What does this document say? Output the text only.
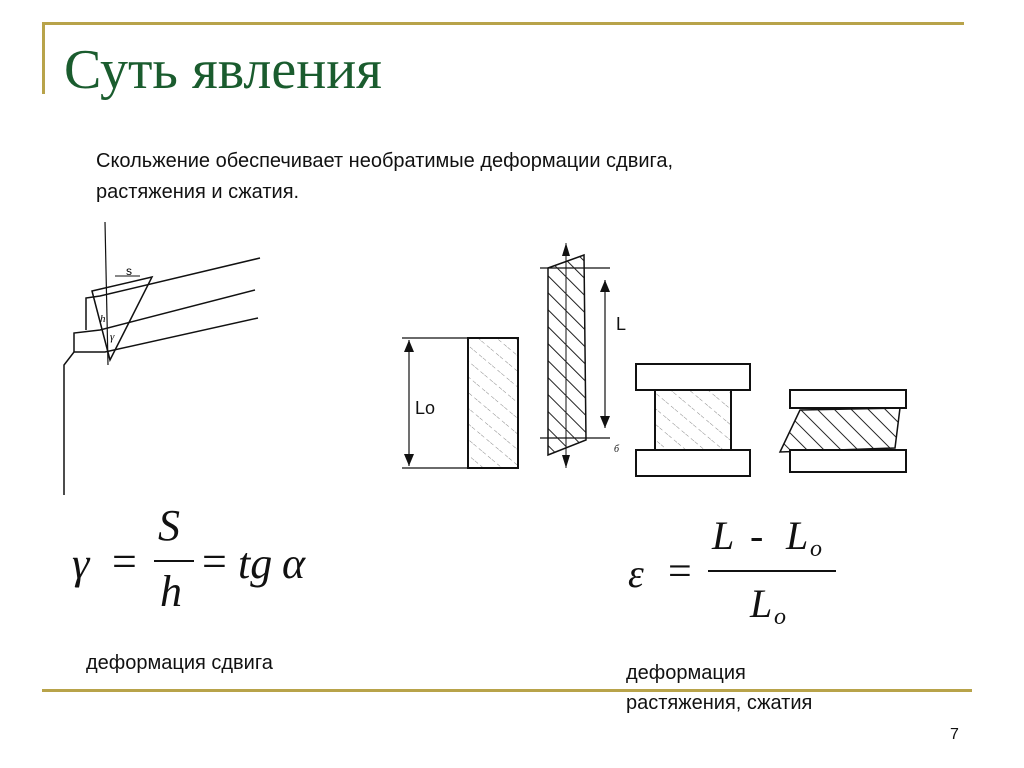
Суть явления
Скольжение обеспечивает необратимые деформации сдвига,
растяжения и сжатия.
s
h
γ
Lo
L
б
γ =
S
h
= tg α
деформация сдвига
ε =
L - L o
L o
деформация
растяжения, сжатия
7
